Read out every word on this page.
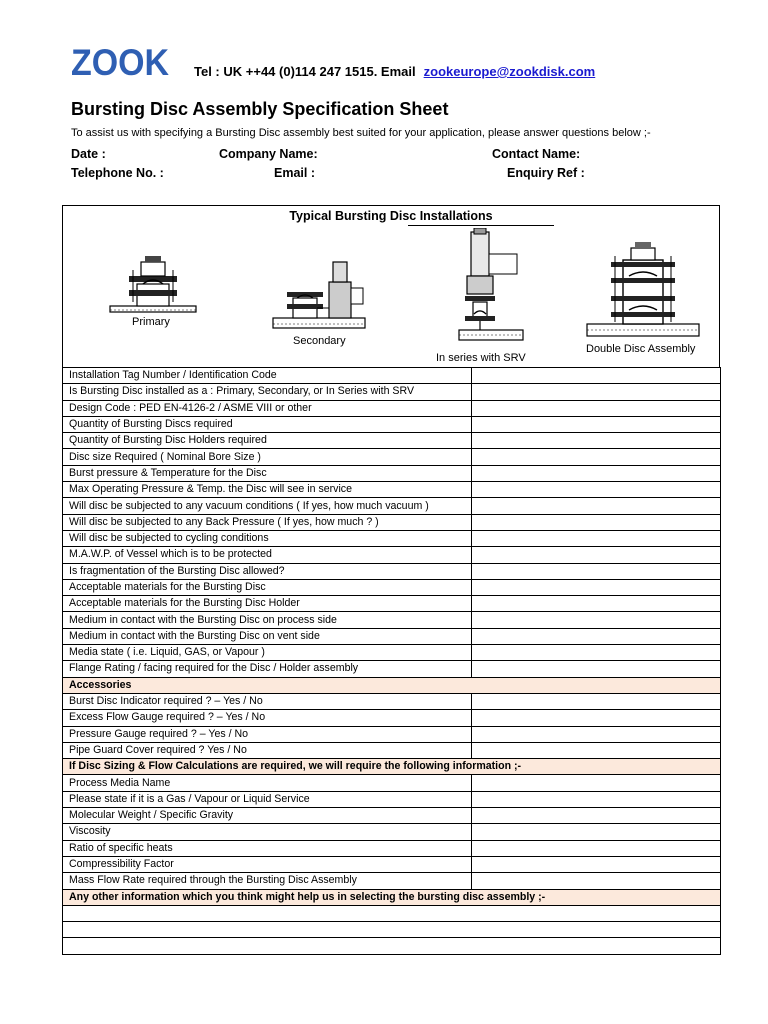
ZOOK Tel : UK ++44 (0)114 247 1515. Email zookeurope@zookdisk.com
Bursting Disc Assembly Specification Sheet
To assist us with specifying a Bursting Disc assembly best suited for your application, please answer questions below ;-
Date :	Company Name:	Contact Name:
Telephone No. :	Email :	Enquiry Ref :
Typical Bursting Disc Installations
Primary
Secondary
In series with SRV
Double Disc Assembly
Installation Tag Number / Identification Code	
Is Bursting Disc installed as a : Primary, Secondary, or In Series with SRV	
Design Code : PED EN-4126-2 / ASME VIII or other	
Quantity of Bursting Discs required	
Quantity of Bursting Disc Holders required	
Disc size Required ( Nominal Bore Size )	
Burst pressure & Temperature for the Disc	
Max Operating Pressure & Temp. the Disc will see in service	
Will disc be subjected to any vacuum conditions ( If yes, how much vacuum )	
Will disc be subjected to any Back Pressure ( If yes, how much ? )	
Will disc be subjected to cycling conditions	
M.A.W.P. of Vessel which is to be protected	
Is fragmentation of the Bursting Disc allowed?	
Acceptable materials for the Bursting Disc	
Acceptable materials for the Bursting Disc Holder	
Medium in contact with the Bursting Disc on process side	
Medium in contact with the Bursting Disc on vent side	
Media state ( i.e. Liquid, GAS, or Vapour )	
Flange Rating / facing required for the Disc / Holder assembly	
Accessories	
Burst Disc Indicator required ? – Yes / No	
Excess Flow Gauge required ? – Yes / No	
Pressure Gauge required ? – Yes / No	
Pipe Guard Cover required ? Yes / No	
If Disc Sizing & Flow Calculations are required, we will require the following information ;-	
Process Media Name	
Please state if it is a Gas / Vapour or Liquid Service	
Molecular Weight / Specific Gravity	
Viscosity	
Ratio of specific heats	
Compressibility Factor	
Mass Flow Rate required through the Bursting Disc Assembly	
Any other information which you think might help us in selecting the bursting disc assembly ;-	
